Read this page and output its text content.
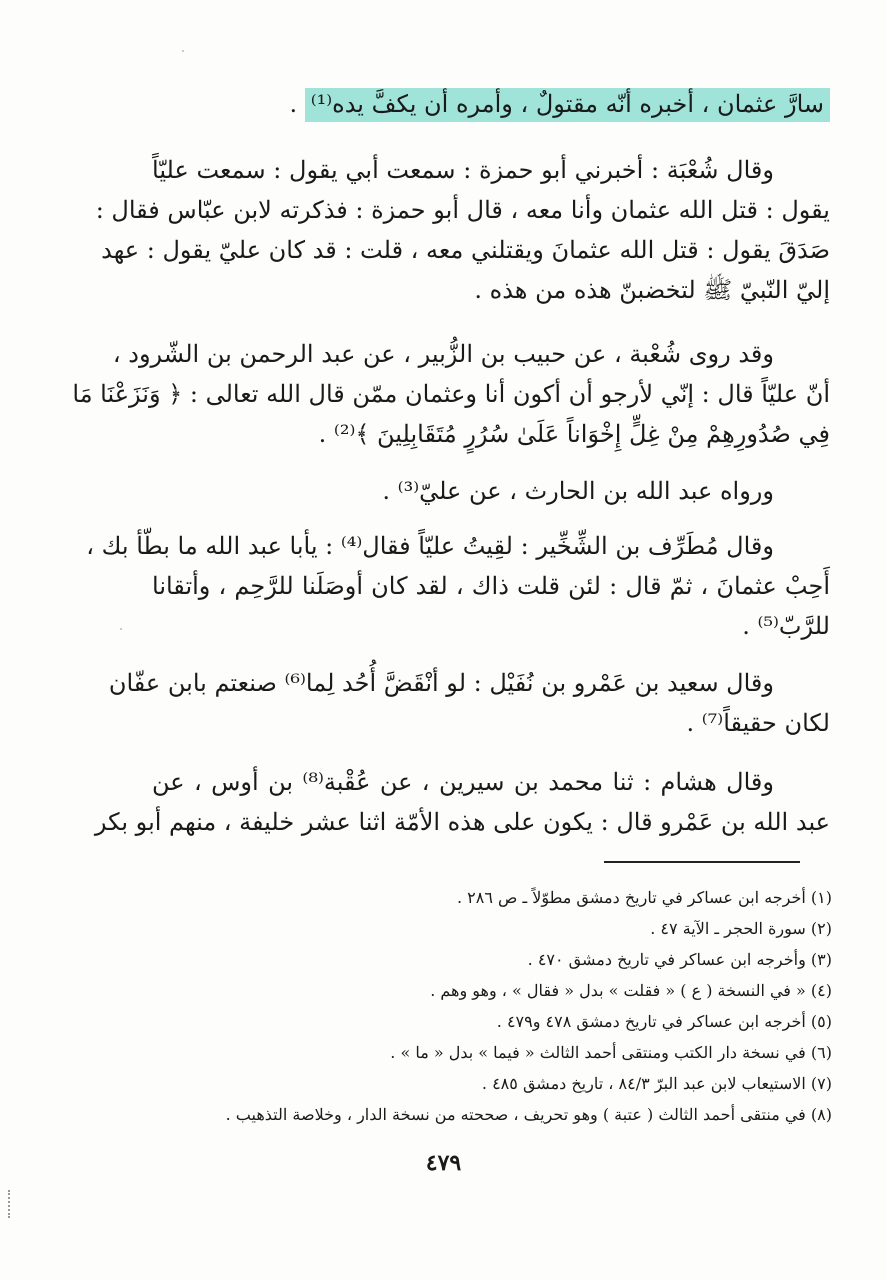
سارَّ عثمان ، أخبره أنّه مقتولٌ ، وأمره أن يكفَّ يده⁽¹⁾ .
وقال شُعْبَة : أخبرني أبو حمزة : سمعت أبي يقول : سمعت عليّاً
يقول : قتل الله عثمان وأنا معه ، قال أبو حمزة : فذكرته لابن عبّاس فقال :
صَدَقَ يقول : قتل الله عثمانَ ويقتلني معه ، قلت : قد كان عليّ يقول : عهد
إليّ النّبيّ ﷺ لتخضبنّ هذه من هذه .
وقد روى شُعْبة ، عن حبيب بن الزُّبير ، عن عبد الرحمن بن الشّرود ،
أنّ عليّاً قال : إنّي لأرجو أن أكون أنا وعثمان ممّن قال الله تعالى : ﴿ وَنَزَعْنَا مَا
فِي صُدُورِهِمْ مِنْ غِلٍّ إِخْوَاناً عَلَىٰ سُرُرٍ مُتَقَابِلِينَ ﴾⁽²⁾ .
ورواه عبد الله بن الحارث ، عن عليّ⁽³⁾ .
وقال مُطَرِّف بن الشِّخِّير : لقِيتُ عليّاً فقال⁽⁴⁾ : يأبا عبد الله ما بطّأ بك ،
أَحِبْ عثمانَ ، ثمّ قال : لئن قلت ذاك ، لقد كان أوصَلَنا للرَّحِم ، وأتقانا
للرَّبّ⁽⁵⁾ .
وقال سعيد بن عَمْرو بن نُفَيْل : لو أنْقَضَّ أُحُد لِما⁽⁶⁾ صنعتم بابن عفّان
لكان حقيقاً⁽⁷⁾ .
وقال هشام : ثنا محمد بن سيرين ، عن عُقْبة⁽⁸⁾ بن أوس ، عن
عبد الله بن عَمْرو قال : يكون على هذه الأمّة اثنا عشر خليفة ، منهم أبو بكر
(١) أخرجه ابن عساكر في تاريخ دمشق مطوّلاً ـ ص ٢٨٦ .
(٢) سورة الحجر ـ الآية ٤٧ .
(٣) وأخرجه ابن عساكر في تاريخ دمشق ٤٧٠ .
(٤) « في النسخة ( ع ) « فقلت » بدل « فقال » ، وهو وهم .
(٥) أخرجه ابن عساكر في تاريخ دمشق ٤٧٨ و٤٧٩ .
(٦) في نسخة دار الكتب ومنتقى أحمد الثالث « فيما » بدل « ما » .
(٧) الاستيعاب لابن عبد البرّ ٨٤/٣ ، تاريخ دمشق ٤٨٥ .
(٨) في منتقى أحمد الثالث ( عتبة ) وهو تحريف ، صححته من نسخة الدار ، وخلاصة التذهيب .
٤٧٩
